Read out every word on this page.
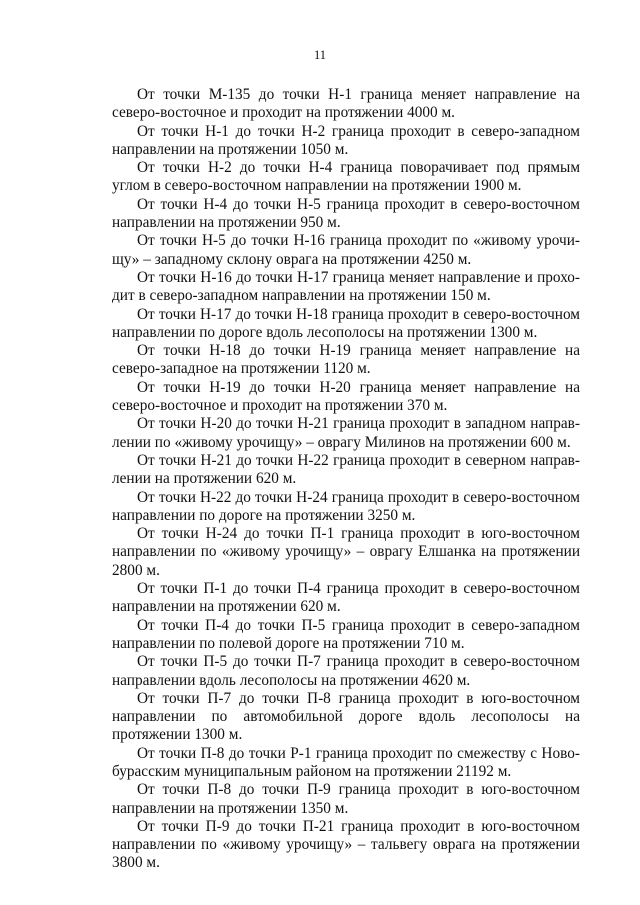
11

От точки М-135 до точки Н-1 граница меняет направление на северо-восточное и проходит на протяжении 4000 м.

От точки Н-1 до точки Н-2 граница проходит в северо-западном направлении на протяжении 1050 м.

От точки Н-2 до точки Н-4 граница поворачивает под прямым углом в северо-восточном направлении на протяжении 1900 м.

От точки Н-4 до точки Н-5 граница проходит в северо-восточном направлении на протяжении 950 м.

От точки Н-5 до точки Н-16 граница проходит по «живому урочи-щу» – западному склону оврага на протяжении 4250 м.

От точки Н-16 до точки Н-17 граница меняет направление и прохо-дит в северо-западном направлении на протяжении 150 м.

От точки Н-17 до точки Н-18 граница проходит в северо-восточном направлении по дороге вдоль лесополосы на протяжении 1300 м.

От точки Н-18 до точки Н-19 граница меняет направление на северо-западное на протяжении 1120 м.

От точки Н-19 до точки Н-20 граница меняет направление на северо-восточное и проходит на протяжении 370 м.

От точки Н-20 до точки Н-21 граница проходит в западном направ-лении по «живому урочищу» – оврагу Милинов на протяжении 600 м.

От точки Н-21 до точки Н-22 граница проходит в северном направ-лении на протяжении 620 м.

От точки Н-22 до точки Н-24 граница проходит в северо-восточном направлении по дороге на протяжении 3250 м.

От точки Н-24 до точки П-1 граница проходит в юго-восточном направлении по «живому урочищу» – оврагу Елшанка на протяжении 2800 м.

От точки П-1 до точки П-4 граница проходит в северо-восточном направлении на протяжении 620 м.

От точки П-4 до точки П-5 граница проходит в северо-западном направлении по полевой дороге на протяжении 710 м.

От точки П-5 до точки П-7 граница проходит в северо-восточном направлении вдоль лесополосы на протяжении 4620 м.

От точки П-7 до точки П-8 граница проходит в юго-восточном направлении по автомобильной дороге вдоль лесополосы на протяжении 1300 м.

От точки П-8 до точки Р-1 граница проходит по смежеству с Ново-бурасским муниципальным районом на протяжении 21192 м.

От точки П-8 до точки П-9 граница проходит в юго-восточном направлении на протяжении 1350 м.

От точки П-9 до точки П-21 граница проходит в юго-восточном направлении по «живому урочищу» – тальвегу оврага на протяжении 3800 м.
